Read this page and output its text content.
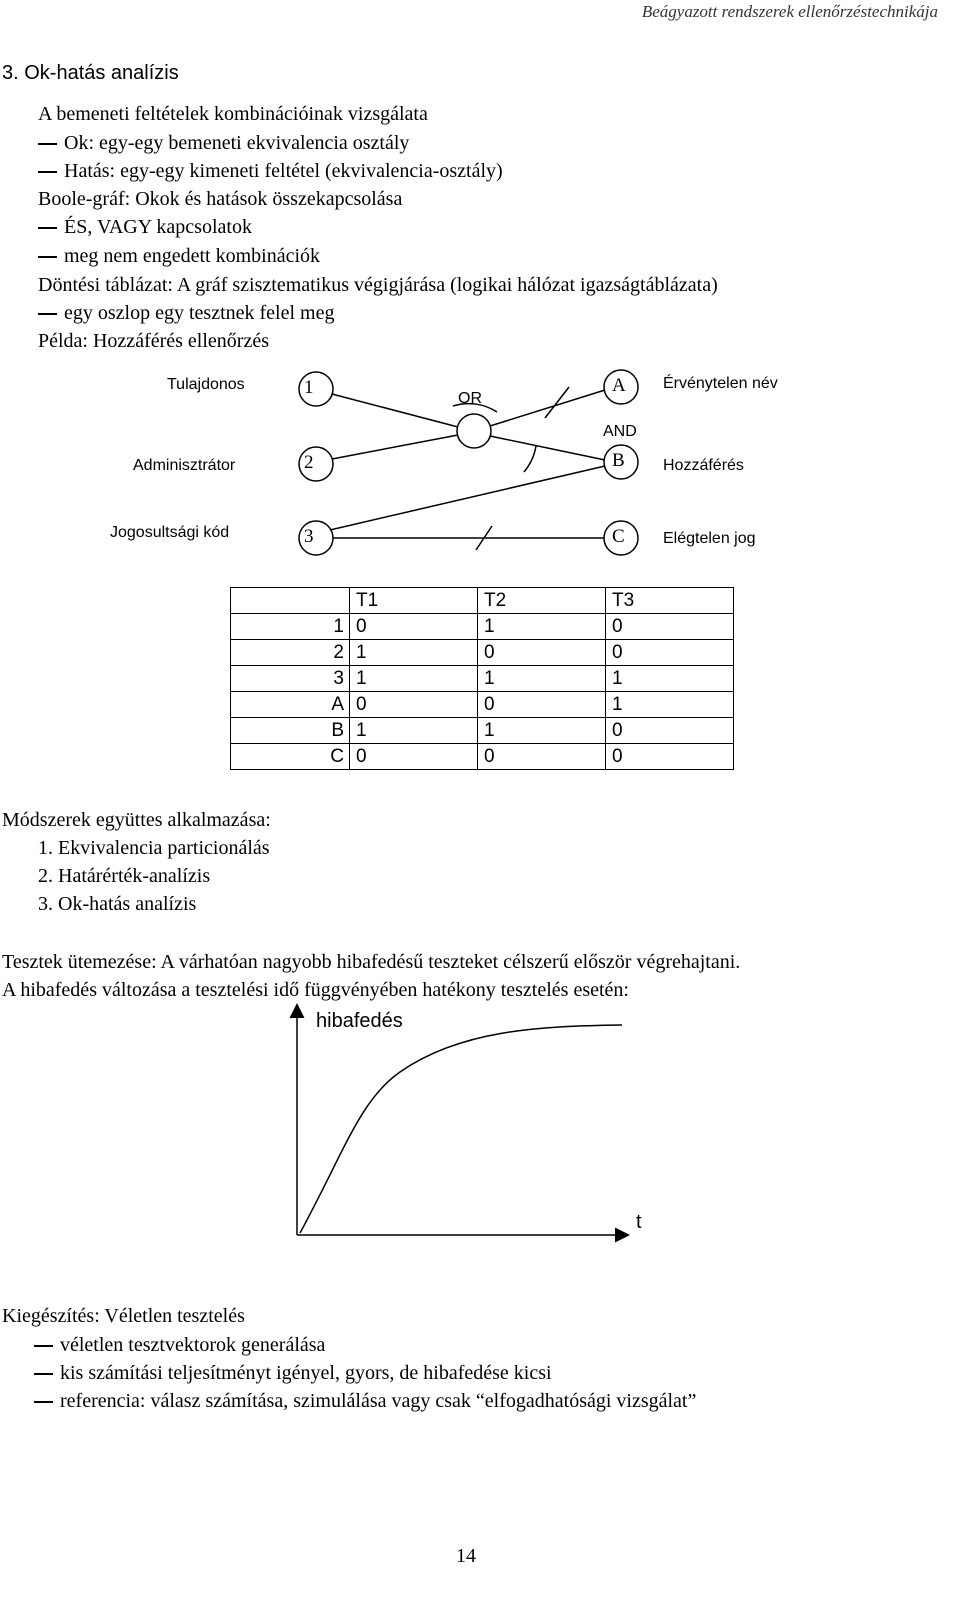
Beágyazott rendszerek ellenőrzéstechnikája
3. Ok-hatás analízis
A bemeneti feltételek kombinációinak vizsgálata
Ok: egy-egy bemeneti ekvivalencia osztály
Hatás: egy-egy kimeneti feltétel (ekvivalencia-osztály)
Boole-gráf: Okok és hatások összekapcsolása
ÉS, VAGY kapcsolatok
meg nem engedett kombinációk
Döntési táblázat: A gráf szisztematikus végigjárása (logikai hálózat igazságtáblázata)
egy oszlop egy tesztnek felel meg
Példa: Hozzáférés ellenőrzés
Tulajdonos
Adminisztrátor
Jogosultsági kód
1
2
3
A
B
C
Érvénytelen név
Hozzáférés
Elégtelen jog
OR
AND
	T1	T2	T3
1	0	1	0
2	1	0	0
3	1	1	1
A	0	0	1
B	1	1	0
C	0	0	0
Módszerek együttes alkalmazása:
1. Ekvivalencia particionálás
2. Határérték-analízis
3. Ok-hatás analízis
Tesztek ütemezése: A várhatóan nagyobb hibafedésű teszteket célszerű először végrehajtani.
A hibafedés változása a tesztelési idő függvényében hatékony tesztelés esetén:
hibafedés
t
Kiegészítés: Véletlen tesztelés
véletlen tesztvektorok generálása
kis számítási teljesítményt igényel, gyors, de hibafedése kicsi
referencia: válasz számítása, szimulálása vagy csak “elfogadhatósági vizsgálat”
14
